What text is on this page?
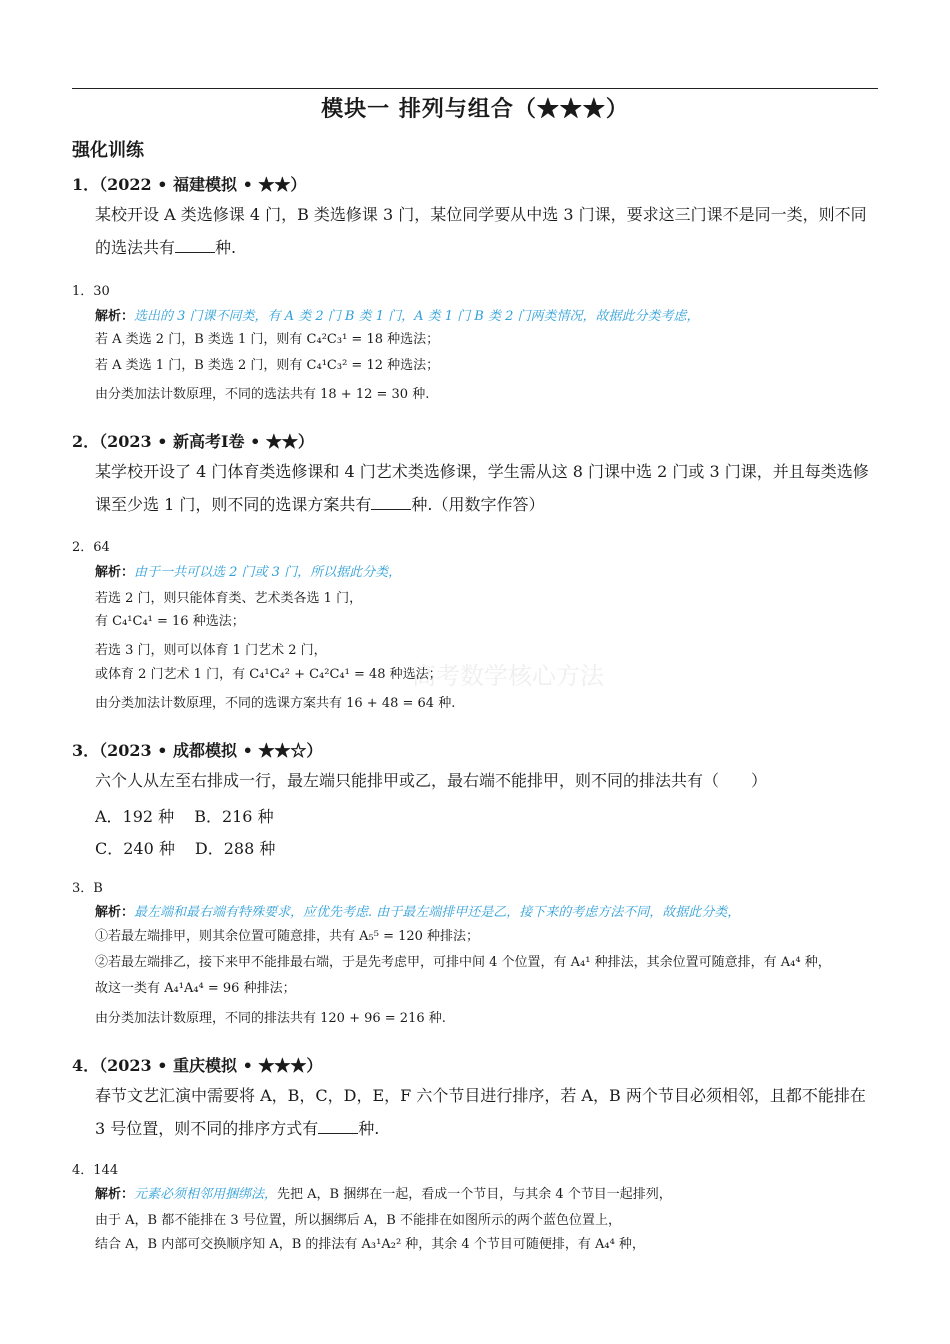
模块一 排列与组合（★★★）
强化训练
高考数学核心方法
1．（2022 • 福建模拟 • ★★）
某校开设 A 类选修课 4 门，B 类选修课 3 门，某位同学要从中选 3 门课，要求这三门课不是同一类，则不同的选法共有	种.
1．30
解析：选出的 3 门课不同类，有 A 类 2 门 B 类 1 门，A 类 1 门 B 类 2 门两类情况，故据此分类考虑，
若 A 类选 2 门，B 类选 1 门，则有 C₄²C₃¹ = 18 种选法；
若 A 类选 1 门，B 类选 2 门，则有 C₄¹C₃² = 12 种选法；
由分类加法计数原理，不同的选法共有 18 + 12 = 30 种.
2．（2023 • 新高考Ⅰ卷 • ★★）
某学校开设了 4 门体育类选修课和 4 门艺术类选修课，学生需从这 8 门课中选 2 门或 3 门课，并且每类选修课至少选 1 门，则不同的选课方案共有	种.（用数字作答）
2．64
解析：由于一共可以选 2 门或 3 门，所以据此分类，
若选 2 门，则只能体育类、艺术类各选 1 门，
有 C₄¹C₄¹ = 16 种选法；
若选 3 门，则可以体育 1 门艺术 2 门，
或体育 2 门艺术 1 门，有 C₄¹C₄² + C₄²C₄¹ = 48 种选法；
由分类加法计数原理，不同的选课方案共有 16 + 48 = 64 种.
3．（2023 • 成都模拟 • ★★☆）
六个人从左至右排成一行，最左端只能排甲或乙，最右端不能排甲，则不同的排法共有（　　）
A．192 种 B．216 种
C．240 种 D．288 种
3．B
解析：最左端和最右端有特殊要求，应优先考虑. 由于最左端排甲还是乙，接下来的考虑方法不同，故据此分类，
①若最左端排甲，则其余位置可随意排，共有 A₅⁵ = 120 种排法；
②若最左端排乙，接下来甲不能排最右端，于是先考虑甲，可排中间 4 个位置，有 A₄¹ 种排法，其余位置可随意排，有 A₄⁴ 种，
故这一类有 A₄¹A₄⁴ = 96 种排法；
由分类加法计数原理，不同的排法共有 120 + 96 = 216 种.
4．（2023 • 重庆模拟 • ★★★）
春节文艺汇演中需要将 A，B，C，D，E，F 六个节目进行排序，若 A，B 两个节目必须相邻，且都不能排在 3 号位置，则不同的排序方式有	种.
4．144
解析：元素必须相邻用捆绑法，先把 A，B 捆绑在一起，看成一个节目，与其余 4 个节目一起排列，
由于 A，B 都不能排在 3 号位置，所以捆绑后 A，B 不能排在如图所示的两个蓝色位置上，
结合 A，B 内部可交换顺序知 A，B 的排法有 A₃¹A₂² 种，其余 4 个节目可随便排，有 A₄⁴ 种，
